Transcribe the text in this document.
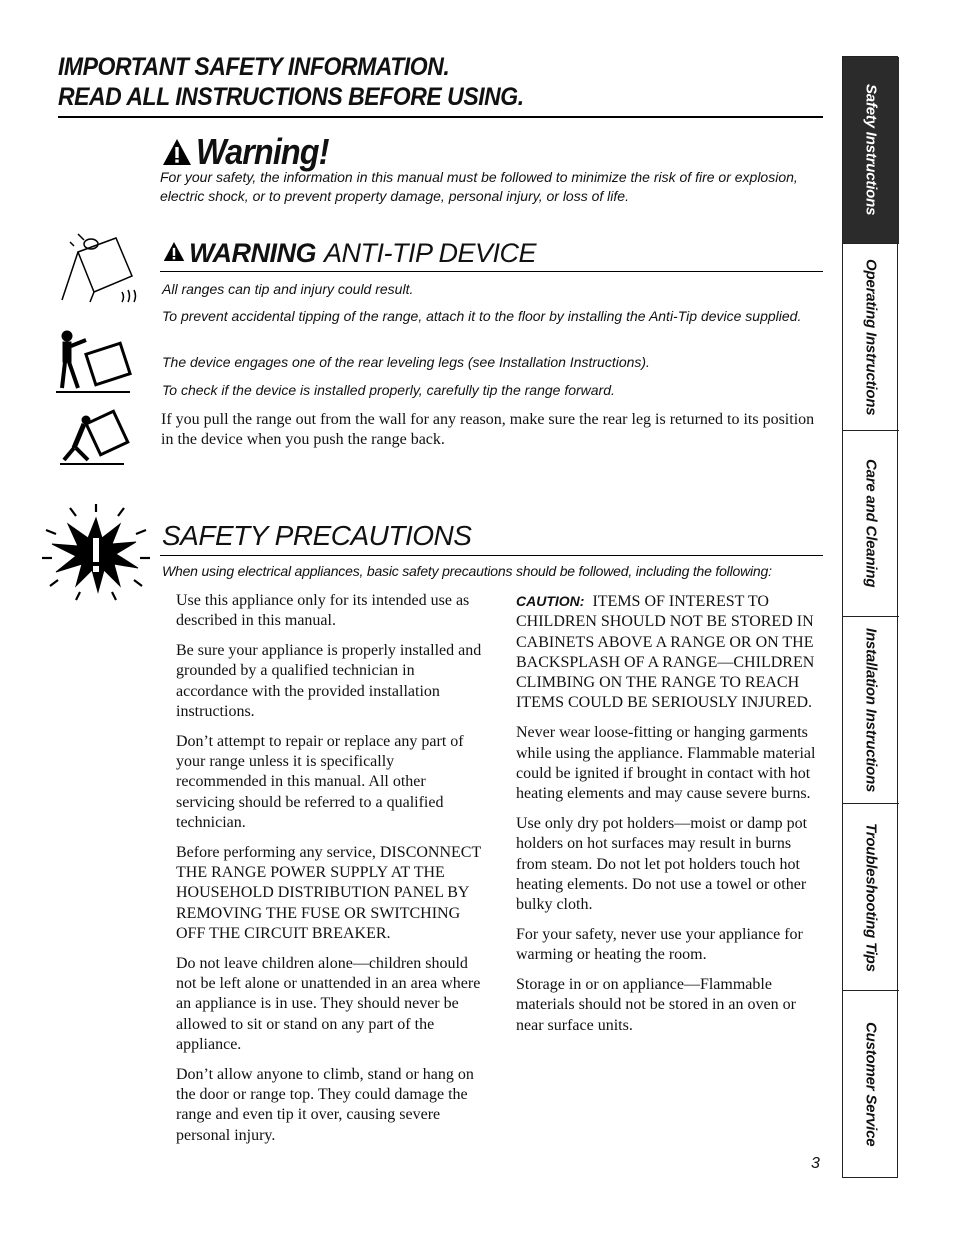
IMPORTANT SAFETY INFORMATION.
READ ALL INSTRUCTIONS BEFORE USING.
Warning!
For your safety, the information in this manual must be followed to minimize the risk of fire or explosion, electric shock, or to prevent property damage, personal injury, or loss of life.
WARNING ANTI-TIP DEVICE
All ranges can tip and injury could result.
To prevent accidental tipping of the range, attach it to the floor by installing the Anti-Tip device supplied.
The device engages one of the rear leveling legs (see Installation Instructions).
To check if the device is installed properly, carefully tip the range forward.
If you pull the range out from the wall for any reason, make sure the rear leg is returned to its position in the device when you push the range back.
SAFETY PRECAUTIONS
When using electrical appliances, basic safety precautions should be followed, including the following:

Use this appliance only for its intended use as described in this manual.

Be sure your appliance is properly installed and grounded by a qualified technician in accordance with the provided installation instructions.

Don’t attempt to repair or replace any part of your range unless it is specifically recommended in this manual. All other servicing should be referred to a qualified technician.

Before performing any service, DISCONNECT THE RANGE POWER SUPPLY AT THE HOUSEHOLD DISTRIBUTION PANEL BY REMOVING THE FUSE OR SWITCHING OFF THE CIRCUIT BREAKER.

Do not leave children alone—children should not be left alone or unattended in an area where an appliance is in use. They should never be allowed to sit or stand on any part of the appliance.

Don’t allow anyone to climb, stand or hang on the door or range top. They could damage the range and even tip it over, causing severe personal injury.

CAUTION: ITEMS OF INTEREST TO CHILDREN SHOULD NOT BE STORED IN CABINETS ABOVE A RANGE OR ON THE BACKSPLASH OF A RANGE—CHILDREN CLIMBING ON THE RANGE TO REACH ITEMS COULD BE SERIOUSLY INJURED.

Never wear loose-fitting or hanging garments while using the appliance. Flammable material could be ignited if brought in contact with hot heating elements and may cause severe burns.

Use only dry pot holders—moist or damp pot holders on hot surfaces may result in burns from steam. Do not let pot holders touch hot heating elements. Do not use a towel or other bulky cloth.

For your safety, never use your appliance for warming or heating the room.

Storage in or on appliance—Flammable materials should not be stored in an oven or near surface units.

3
Safety Instructions
Operating Instructions
Care and Cleaning
Installation Instructions
Troubleshooting Tips
Customer Service
